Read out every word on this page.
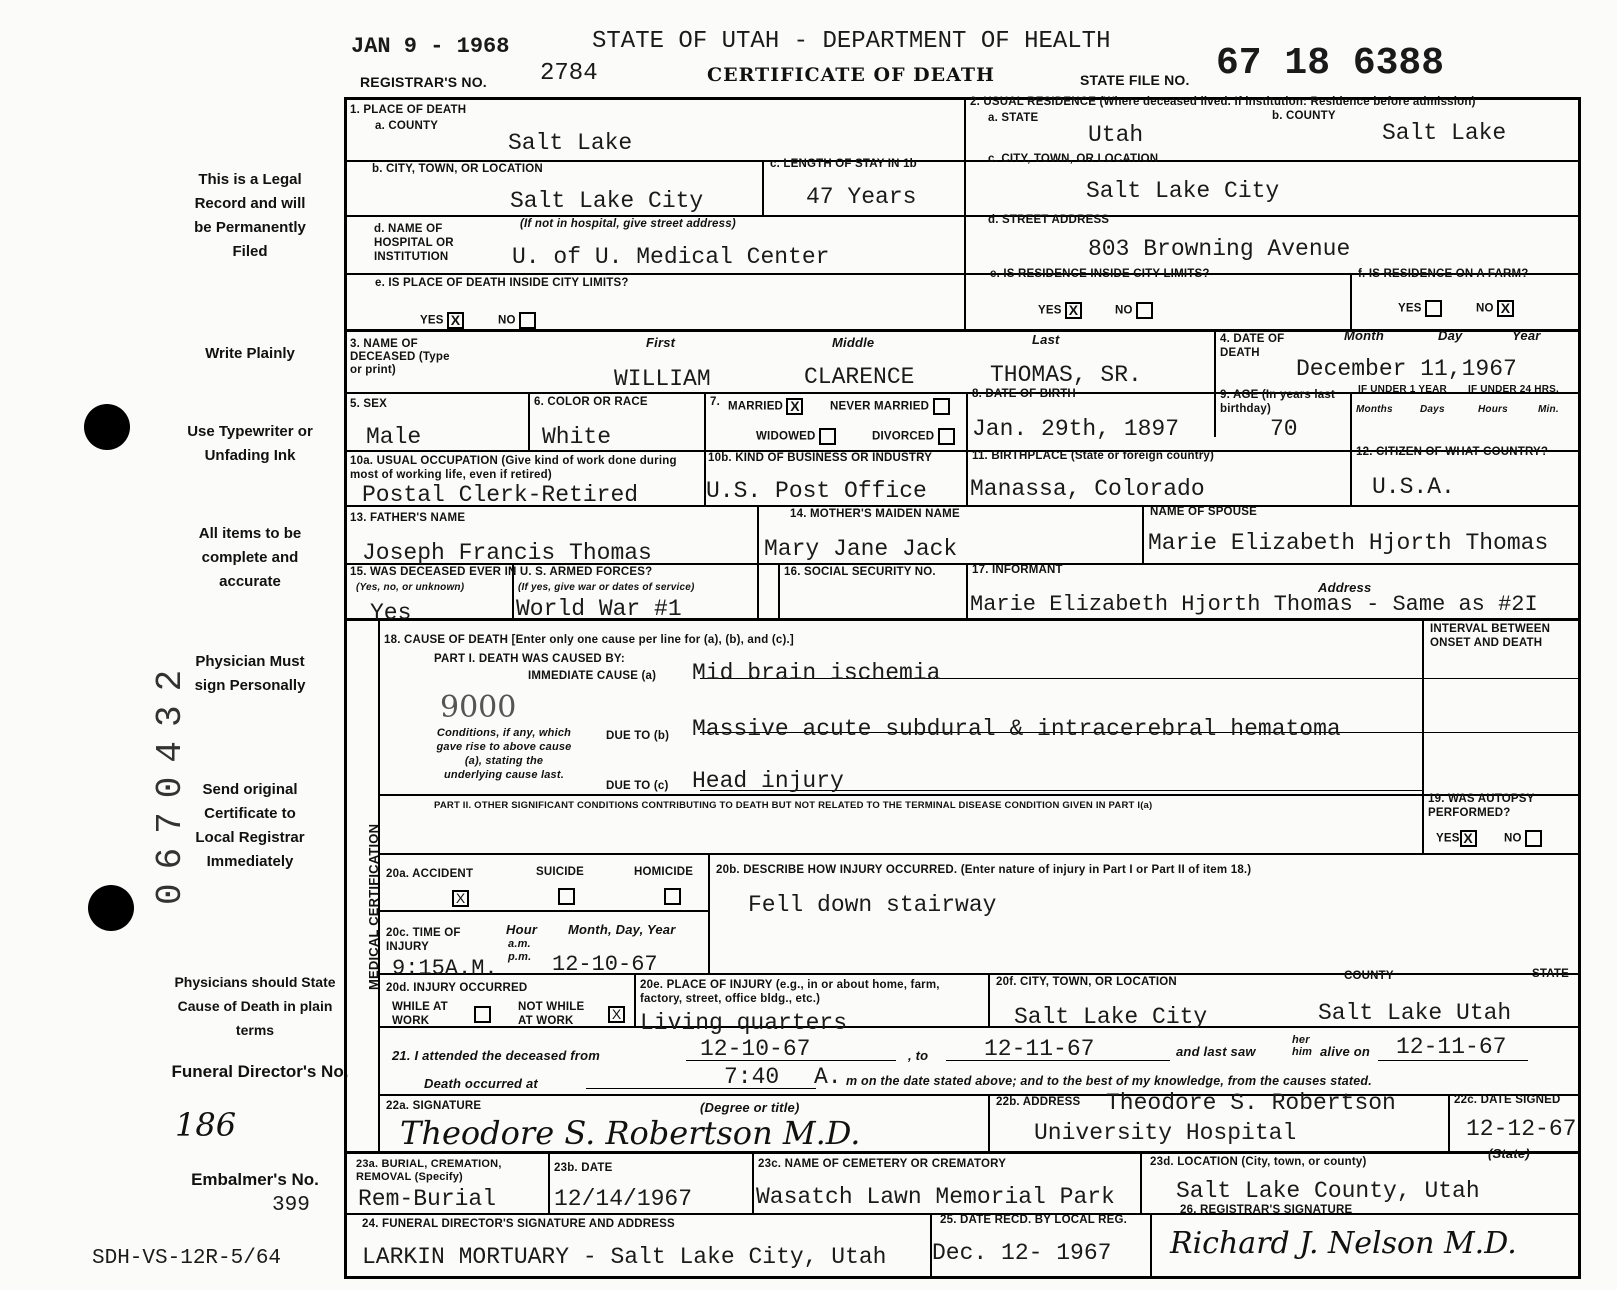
JAN 9 - 1968
REGISTRAR'S NO. 2784
STATE OF UTAH - DEPARTMENT OF HEALTH
CERTIFICATE OF DEATH	STATE FILE NO. 67 18 6388
This is a Legal Record and will be Permanently Filed
Write Plainly
Use Typewriter or Unfading Ink
All items to be complete and accurate
Physician Must sign Personally
Send original Certificate to Local Registrar Immediately
Physicians should State Cause of Death in plain terms
Funeral Director's No.
186
Embalmer's No.
399
SDH-VS-12R-5/64
0670432
1. PLACE OF DEATH
a. COUNTY
Salt Lake
2. USUAL RESIDENCE (Where deceased lived. If institution: Residence before admission)
a. STATE	b. COUNTY
Utah	Salt Lake
b. CITY, TOWN, OR LOCATION
Salt Lake City
c. LENGTH OF STAY IN 1b
47 Years
c. CITY, TOWN, OR LOCATION
Salt Lake City
d. NAME OF HOSPITAL OR INSTITUTION
(If not in hospital, give street address)
U. of U. Medical Center
d. STREET ADDRESS
803 Browning Avenue
e. IS PLACE OF DEATH INSIDE CITY LIMITS?
YES X	NO
e. IS RESIDENCE INSIDE CITY LIMITS?
YES X	NO
f. IS RESIDENCE ON A FARM?
YES	NO X
3. NAME OF DECEASED (Type or print)
First	Middle	Last
WILLIAM	CLARENCE	THOMAS, SR.
4. DATE OF DEATH
Month	Day	Year
December 11,1967
5. SEX
Male
6. COLOR OR RACE
White
7. MARRIED X	NEVER MARRIED
WIDOWED	DIVORCED
8. DATE OF BIRTH
Jan. 29th, 1897
9. AGE (In years last birthday)
70
IF UNDER 1 YEAR IF UNDER 24 HRS.
Months	Days	Hours	Min.
10a. USUAL OCCUPATION (Give kind of work done during most of working life, even if retired)
Postal Clerk-Retired
10b. KIND OF BUSINESS OR INDUSTRY
U.S. Post Office
11. BIRTHPLACE (State or foreign country)
Manassa, Colorado
12. CITIZEN OF WHAT COUNTRY?
U.S.A.
13. FATHER'S NAME
Joseph Francis Thomas
14. MOTHER'S MAIDEN NAME
Mary Jane Jack
NAME OF SPOUSE
Marie Elizabeth Hjorth Thomas
15. WAS DECEASED EVER IN U. S. ARMED FORCES?
(Yes, no, or unknown)	(If yes, give war or dates of service)
Yes	World War #1
16. SOCIAL SECURITY NO.	17. INFORMANT
Address
Marie Elizabeth Hjorth Thomas - Same as #2I
MEDICAL CERTIFICATION
18. CAUSE OF DEATH [Enter only one cause per line for (a), (b), and (c).]
PART I. DEATH WAS CAUSED BY:
IMMEDIATE CAUSE (a) Mid brain ischemia
INTERVAL BETWEEN ONSET AND DEATH
9000
Conditions, if any, which gave rise to above cause (a), stating the underlying cause last.
DUE TO (b) Massive acute subdural & intracerebral hematoma
DUE TO (c) Head injury
PART II. OTHER SIGNIFICANT CONDITIONS CONTRIBUTING TO DEATH BUT NOT RELATED TO THE TERMINAL DISEASE CONDITION GIVEN IN PART I(a)
19. WAS AUTOPSY PERFORMED?
YES X	NO
20a. ACCIDENT	SUICIDE	HOMICIDE
X
20b. DESCRIBE HOW INJURY OCCURRED. (Enter nature of injury in Part I or Part II of item 18.)
Fell down stairway
20c. TIME OF INJURY
Hour
a.m. p.m.
Month, Day, Year
9:15A.M. 12-10-67
20d. INJURY OCCURRED
WHILE AT WORK
NOT WHILE AT WORK	X
20e. PLACE OF INJURY (e.g., in or about home, farm, factory, street, office bldg., etc.)
Living quarters
20f. CITY, TOWN, OR LOCATION	COUNTY	STATE
Salt Lake City	Salt Lake Utah
21. I attended the deceased from	12-10-67	, to 12-11-67	and last saw
her him alive on 12-11-67
Death occurred at	7:40 A. m on the date stated above; and to the best of my knowledge, from the causes stated.
22a. SIGNATURE	(Degree or title)
Theodore S. Robertson M.D.
22b. ADDRESS Theodore S. Robertson
University Hospital
22c. DATE SIGNED
12-12-67
23a. BURIAL, CREMATION, REMOVAL (Specify)
Rem-Burial
23b. DATE
12/14/1967
23c. NAME OF CEMETERY OR CREMATORY
Wasatch Lawn Memorial Park
23d. LOCATION (City, town, or county)
(State)
Salt Lake County, Utah
24. FUNERAL DIRECTOR'S SIGNATURE AND ADDRESS
LARKIN MORTUARY - Salt Lake City, Utah
25. DATE RECD. BY LOCAL REG.
Dec. 12- 1967
26. REGISTRAR'S SIGNATURE
Richard J. Nelson M.D.
